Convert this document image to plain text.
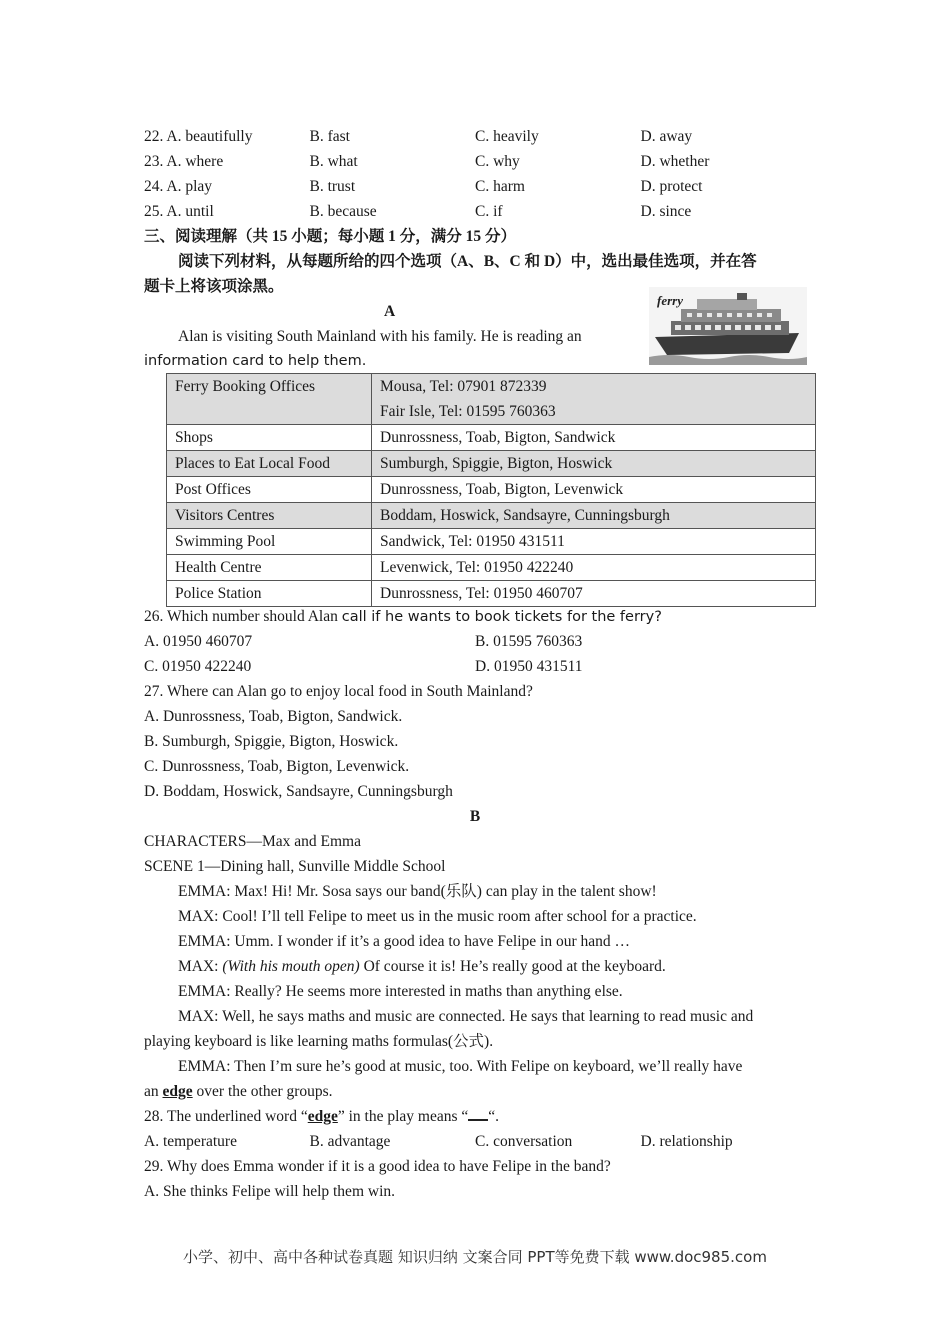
22. A. beautifully	B. fast	C. heavily	D. away
23. A. where	B. what	C. why	D. whether
24. A. play	B. trust	C. harm	D. protect
25. A. until	B. because	C. if	D. since
三、阅读理解（共 15 小题；每小题 1 分，满分 15 分）
阅读下列材料，从每题所给的四个选项（A、B、C 和 D）中，选出最佳选项，并在答
题卡上将该项涂黑。
A
Alan is visiting South Mainland with his family. He is reading an
information card to help them.
ferry
Ferry Booking Offices	Mousa, Tel: 07901 872339
Fair Isle, Tel: 01595 760363

Shops	Dunrossness, Toab, Bigton, Sandwick
Places to Eat Local Food	Sumburgh, Spiggie, Bigton, Hoswick
Post Offices	Dunrossness, Toab, Bigton, Levenwick
Visitors Centres	Boddam, Hoswick, Sandsayre, Cunningsburgh
Swimming Pool	Sandwick, Tel: 01950 431511
Health Centre	Levenwick, Tel: 01950 422240
Police Station	Dunrossness, Tel: 01950 460707
26. Which number should Alan call if he wants to book tickets for the ferry?
A. 01950 460707	B. 01595 760363
C. 01950 422240	D. 01950 431511
27. Where can Alan go to enjoy local food in South Mainland?
A. Dunrossness, Toab, Bigton, Sandwick.
B. Sumburgh, Spiggie, Bigton, Hoswick.
C. Dunrossness, Toab, Bigton, Levenwick.
D. Boddam, Hoswick, Sandsayre, Cunningsburgh
B
CHARACTERS—Max and Emma
SCENE 1—Dining hall, Sunville Middle School
EMMA: Max! Hi! Mr. Sosa says our band(乐队) can play in the talent show!
MAX: Cool! I’ll tell Felipe to meet us in the music room after school for a practice.
EMMA: Umm. I wonder if it’s a good idea to have Felipe in our hand …
MAX: (With his mouth open) Of course it is! He’s really good at the keyboard.
EMMA: Really? He seems more interested in maths than anything else.
MAX: Well, he says maths and music are connected. He says that learning to read music and
playing keyboard is like learning maths formulas(公式).
EMMA: Then I’m sure he’s good at music, too. With Felipe on keyboard, we’ll really have
an edge over the other groups.
28. The underlined word “edge” in the play means “ “.
A. temperature	B. advantage	C. conversation	D. relationship
29. Why does Emma wonder if it is a good idea to have Felipe in the band?
A. She thinks Felipe will help them win.
小学、初中、高中各种试卷真题 知识归纳 文案合同 PPT等免费下载 www.doc985.com
